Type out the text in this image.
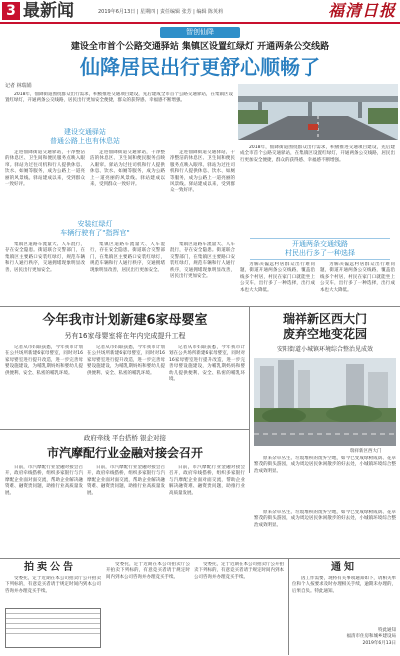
3 最新闻	2019年6月13日 | 星期四 | 责任编辑 张芳 | 编辑 陈英莉	福清日报
智创仙降
建设全市首个公路交通驿站 集镇区设置红绿灯 开通两条公交线路
仙降居民出行更舒心顺畅了
记者 林瑞娟

2018年，仙降街道围绕群众出行需求，积极推进交通项目建设，先后建成全市首个公路交通驿站，在集镇区设置红绿灯，开通两条公交线路，居民出行更加安全便捷，群众的获得感、幸福感不断增强。

建设交通驿站
普通公路上也有休息站

走进仙降街道交通驿站，干净整洁的休息区、卫生间和便民服务点映入眼帘。驿站为过往司机和行人提供休息、饮水、如厕等服务，成为公路上一道亮丽的风景线。驿站建成以来，受到群众一致好评。

走进仙降街道交通驿站，干净整洁的休息区、卫生间和便民服务点映入眼帘。驿站为过往司机和行人提供休息、饮水、如厕等服务，成为公路上一道亮丽的风景线。驿站建成以来，受到群众一致好评。

走进仙降街道交通驿站，干净整洁的休息区、卫生间和便民服务点映入眼帘。驿站为过往司机和行人提供休息、饮水、如厕等服务，成为公路上一道亮丽的风景线。驿站建成以来，受到群众一致好评。

2018年，仙降街道围绕群众出行需求，积极推进交通项目建设，先后建成全市首个公路交通驿站，在集镇区设置红绿灯，开通两条公交线路，居民出行更加安全便捷，群众的获得感、幸福感不断增强。

安装红绿灯
车辆行驶有了"指挥官"

集镇区道路车流量大、人车混行，存在安全隐患。街道联合交警部门，在集镇区主要路口安装红绿灯，规范车辆和行人通行秩序，交通拥堵现象明显改善，居民出行更加安全。

集镇区道路车流量大、人车混行，存在安全隐患。街道联合交警部门，在集镇区主要路口安装红绿灯，规范车辆和行人通行秩序，交通拥堵现象明显改善，居民出行更加安全。

集镇区道路车流量大、人车混行，存在安全隐患。街道联合交警部门，在集镇区主要路口安装红绿灯，规范车辆和行人通行秩序，交通拥堵现象明显改善，居民出行更加安全。

开通两条交通线路
村民出行多了一种选择

为解决偏远村居群众出行难问题，街道开通两条公交线路，覆盖沿线多个村居，村民在家门口就能坐上公交车，出行多了一种选择，出行成本也大大降低。

为解决偏远村居群众出行难问题，街道开通两条公交线路，覆盖沿线多个村居，村民在家门口就能坐上公交车，出行多了一种选择，出行成本也大大降低。

今年我市计划新建6家母婴室
另有16家母婴室将在年内完成提升工程

记者从市妇联获悉，今年我市计划在公共场所新建6家母婴室，同时对16家母婴室进行提升改造，进一步完善母婴设施建设，为哺乳期妈妈和婴幼儿提供便利、安全、私密的哺乳环境。

记者从市妇联获悉，今年我市计划在公共场所新建6家母婴室，同时对16家母婴室进行提升改造，进一步完善母婴设施建设，为哺乳期妈妈和婴幼儿提供便利、安全、私密的哺乳环境。

记者从市妇联获悉，今年我市计划在公共场所新建6家母婴室，同时对16家母婴室进行提升改造，进一步完善母婴设施建设，为哺乳期妈妈和婴幼儿提供便利、安全、私密的哺乳环境。

瑞祥新区西大门
废弃空地变花园
安阳街道小城镇环境综合整治见成效
瑞祥新区西大门

原来杂草丛生、垃圾堆积的废弃空地，如今已变成绿树成荫、花草繁茂的街头游园，成为周边居民休闲散步的好去处，小城镇环境综合整治成效明显。

原来杂草丛生、垃圾堆积的废弃空地，如今已变成绿树成荫、花草繁茂的街头游园，成为周边居民休闲散步的好去处，小城镇环境综合整治成效明显。

政府牵线 平台搭桥 银企对接
市汽摩配行业金融对接会召开

日前，市汽摩配行业金融对接会召开，政府牵线搭桥，组织多家银行与汽摩配企业面对面交流，帮助企业解决融资难、融资贵问题，助推行业高质量发展。

日前，市汽摩配行业金融对接会召开，政府牵线搭桥，组织多家银行与汽摩配企业面对面交流，帮助企业解决融资难、融资贵问题，助推行业高质量发展。

日前，市汽摩配行业金融对接会召开，政府牵线搭桥，组织多家银行与汽摩配企业面对面交流，帮助企业解决融资难、融资贵问题，助推行业高质量发展。

拍卖公告

受委托，定于近期在本公司拍卖厅公开拍卖下列标的，有意竞买者请于规定时间内到本公司咨询并办理竞买手续。

受委托，定于近期在本公司拍卖厅公开拍卖下列标的，有意竞买者请于规定时间内到本公司咨询并办理竞买手续。

受委托，定于近期在本公司拍卖厅公开拍卖下列标的，有意竞买者请于规定时间内到本公司咨询并办理竞买手续。

通知

因工作需要，现将有关事项通知如下，请相关单位和个人按要求及时办理相关手续，逾期未办理的，后果自负。特此通知。

特此通知
福清市住房和城乡建设局
2019年6月13日
